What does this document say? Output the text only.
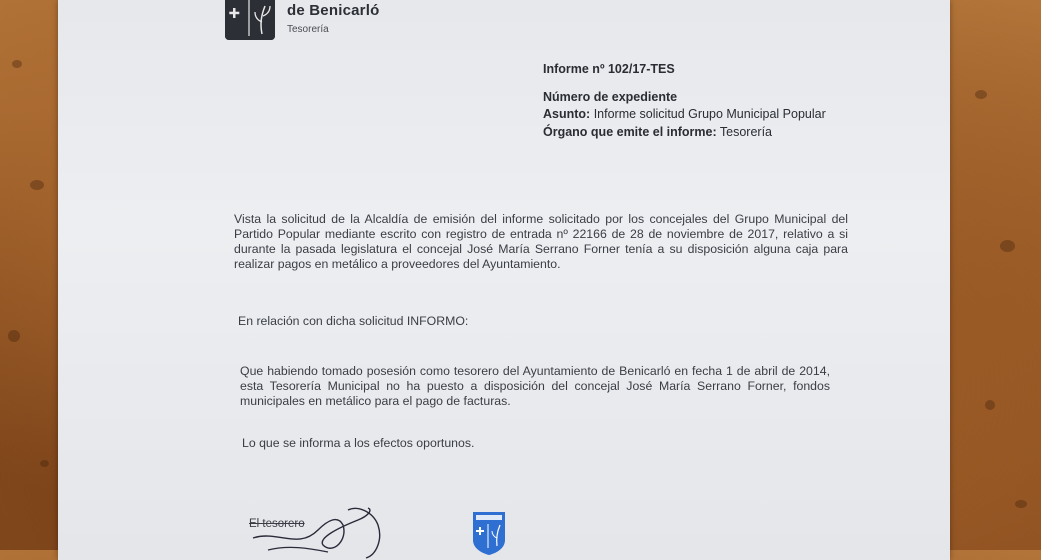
de Benicarló
Tesorería
Informe nº 102/17-TES
Número de expediente
Asunto: Informe solicitud Grupo Municipal Popular
Órgano que emite el informe: Tesorería
Vista la solicitud de la Alcaldía de emisión del informe solicitado por los concejales del Grupo Municipal del Partido Popular mediante escrito con registro de entrada nº 22166 de 28 de noviembre de 2017, relativo a si durante la pasada legislatura el concejal José María Serrano Forner tenía a su disposición alguna caja para realizar pagos en metálico a proveedores del Ayuntamiento.
En relación con dicha solicitud INFORMO:
Que habiendo tomado posesión como tesorero del Ayuntamiento de Benicarló en fecha 1 de abril de 2014, esta Tesorería Municipal no ha puesto a disposición del concejal José María Serrano Forner, fondos municipales en metálico para el pago de facturas.
Lo que se informa a los efectos oportunos.
El tesorero
